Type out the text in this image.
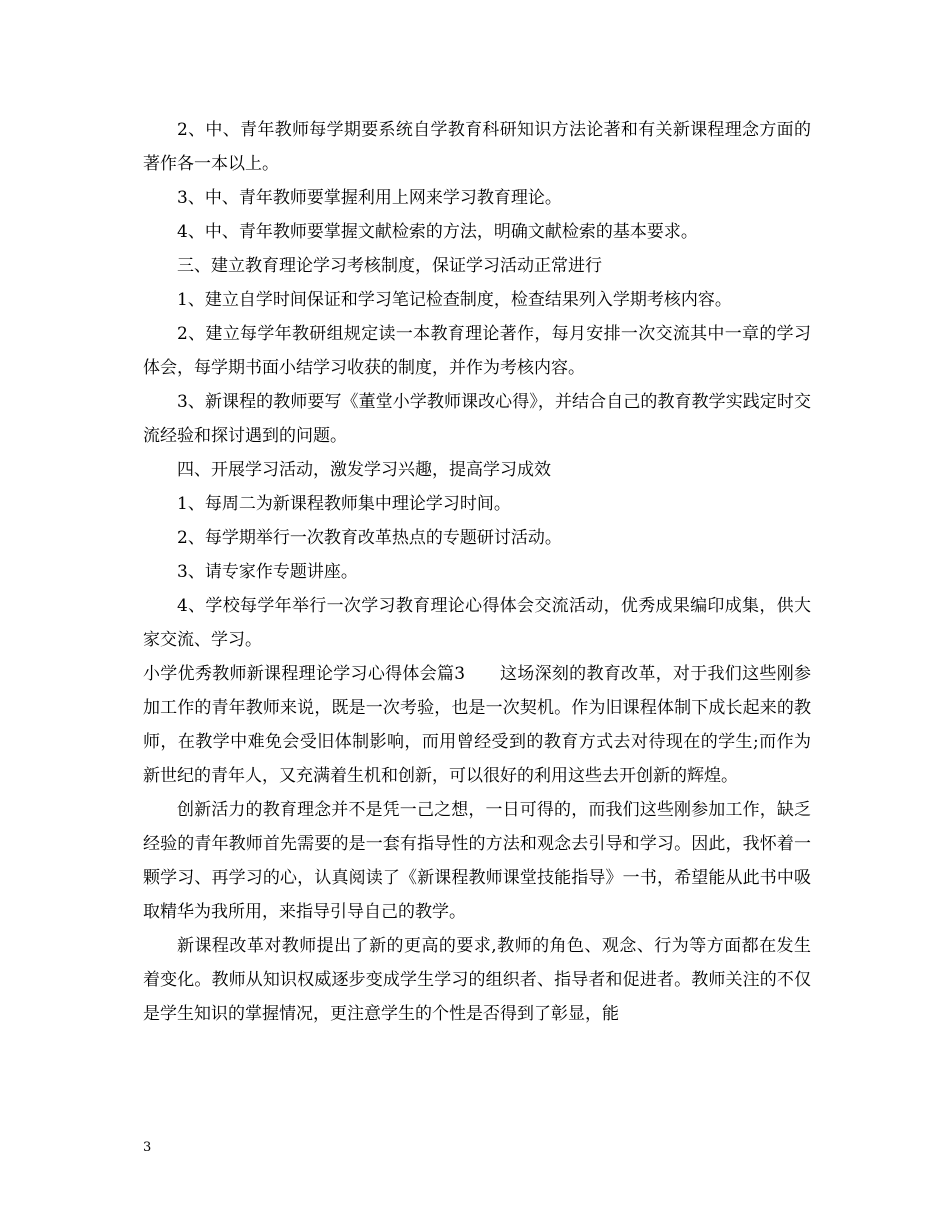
2、中、青年教师每学期要系统自学教育科研知识方法论著和有关新课程理念方面的著作各一本以上。

3、中、青年教师要掌握利用上网来学习教育理论。

4、中、青年教师要掌握文献检索的方法，明确文献检索的基本要求。

三、建立教育理论学习考核制度，保证学习活动正常进行

1、建立自学时间保证和学习笔记检查制度，检查结果列入学期考核内容。

2、建立每学年教研组规定读一本教育理论著作，每月安排一次交流其中一章的学习体会，每学期书面小结学习收获的制度，并作为考核内容。

3、新课程的教师要写《董堂小学教师课改心得》，并结合自己的教育教学实践定时交流经验和探讨遇到的问题。

四、开展学习活动，激发学习兴趣，提高学习成效

1、每周二为新课程教师集中理论学习时间。

2、每学期举行一次教育改革热点的专题研讨活动。

3、请专家作专题讲座。

4、学校每学年举行一次学习教育理论心得体会交流活动，优秀成果编印成集，供大家交流、学习。

小学优秀教师新课程理论学习心得体会篇3　　这场深刻的教育改革，对于我们这些刚参加工作的青年教师来说，既是一次考验，也是一次契机。作为旧课程体制下成长起来的教师，在教学中难免会受旧体制影响，而用曾经受到的教育方式去对待现在的学生;而作为新世纪的青年人，又充满着生机和创新，可以很好的利用这些去开创新的辉煌。

创新活力的教育理念并不是凭一己之想，一日可得的，而我们这些刚参加工作，缺乏经验的青年教师首先需要的是一套有指导性的方法和观念去引导和学习。因此，我怀着一颗学习、再学习的心，认真阅读了《新课程教师课堂技能指导》一书，希望能从此书中吸取精华为我所用，来指导引导自己的教学。

新课程改革对教师提出了新的更高的要求,教师的角色、观念、行为等方面都在发生着变化。教师从知识权威逐步变成学生学习的组织者、指导者和促进者。教师关注的不仅是学生知识的掌握情况，更注意学生的个性是否得到了彰显，能

3
